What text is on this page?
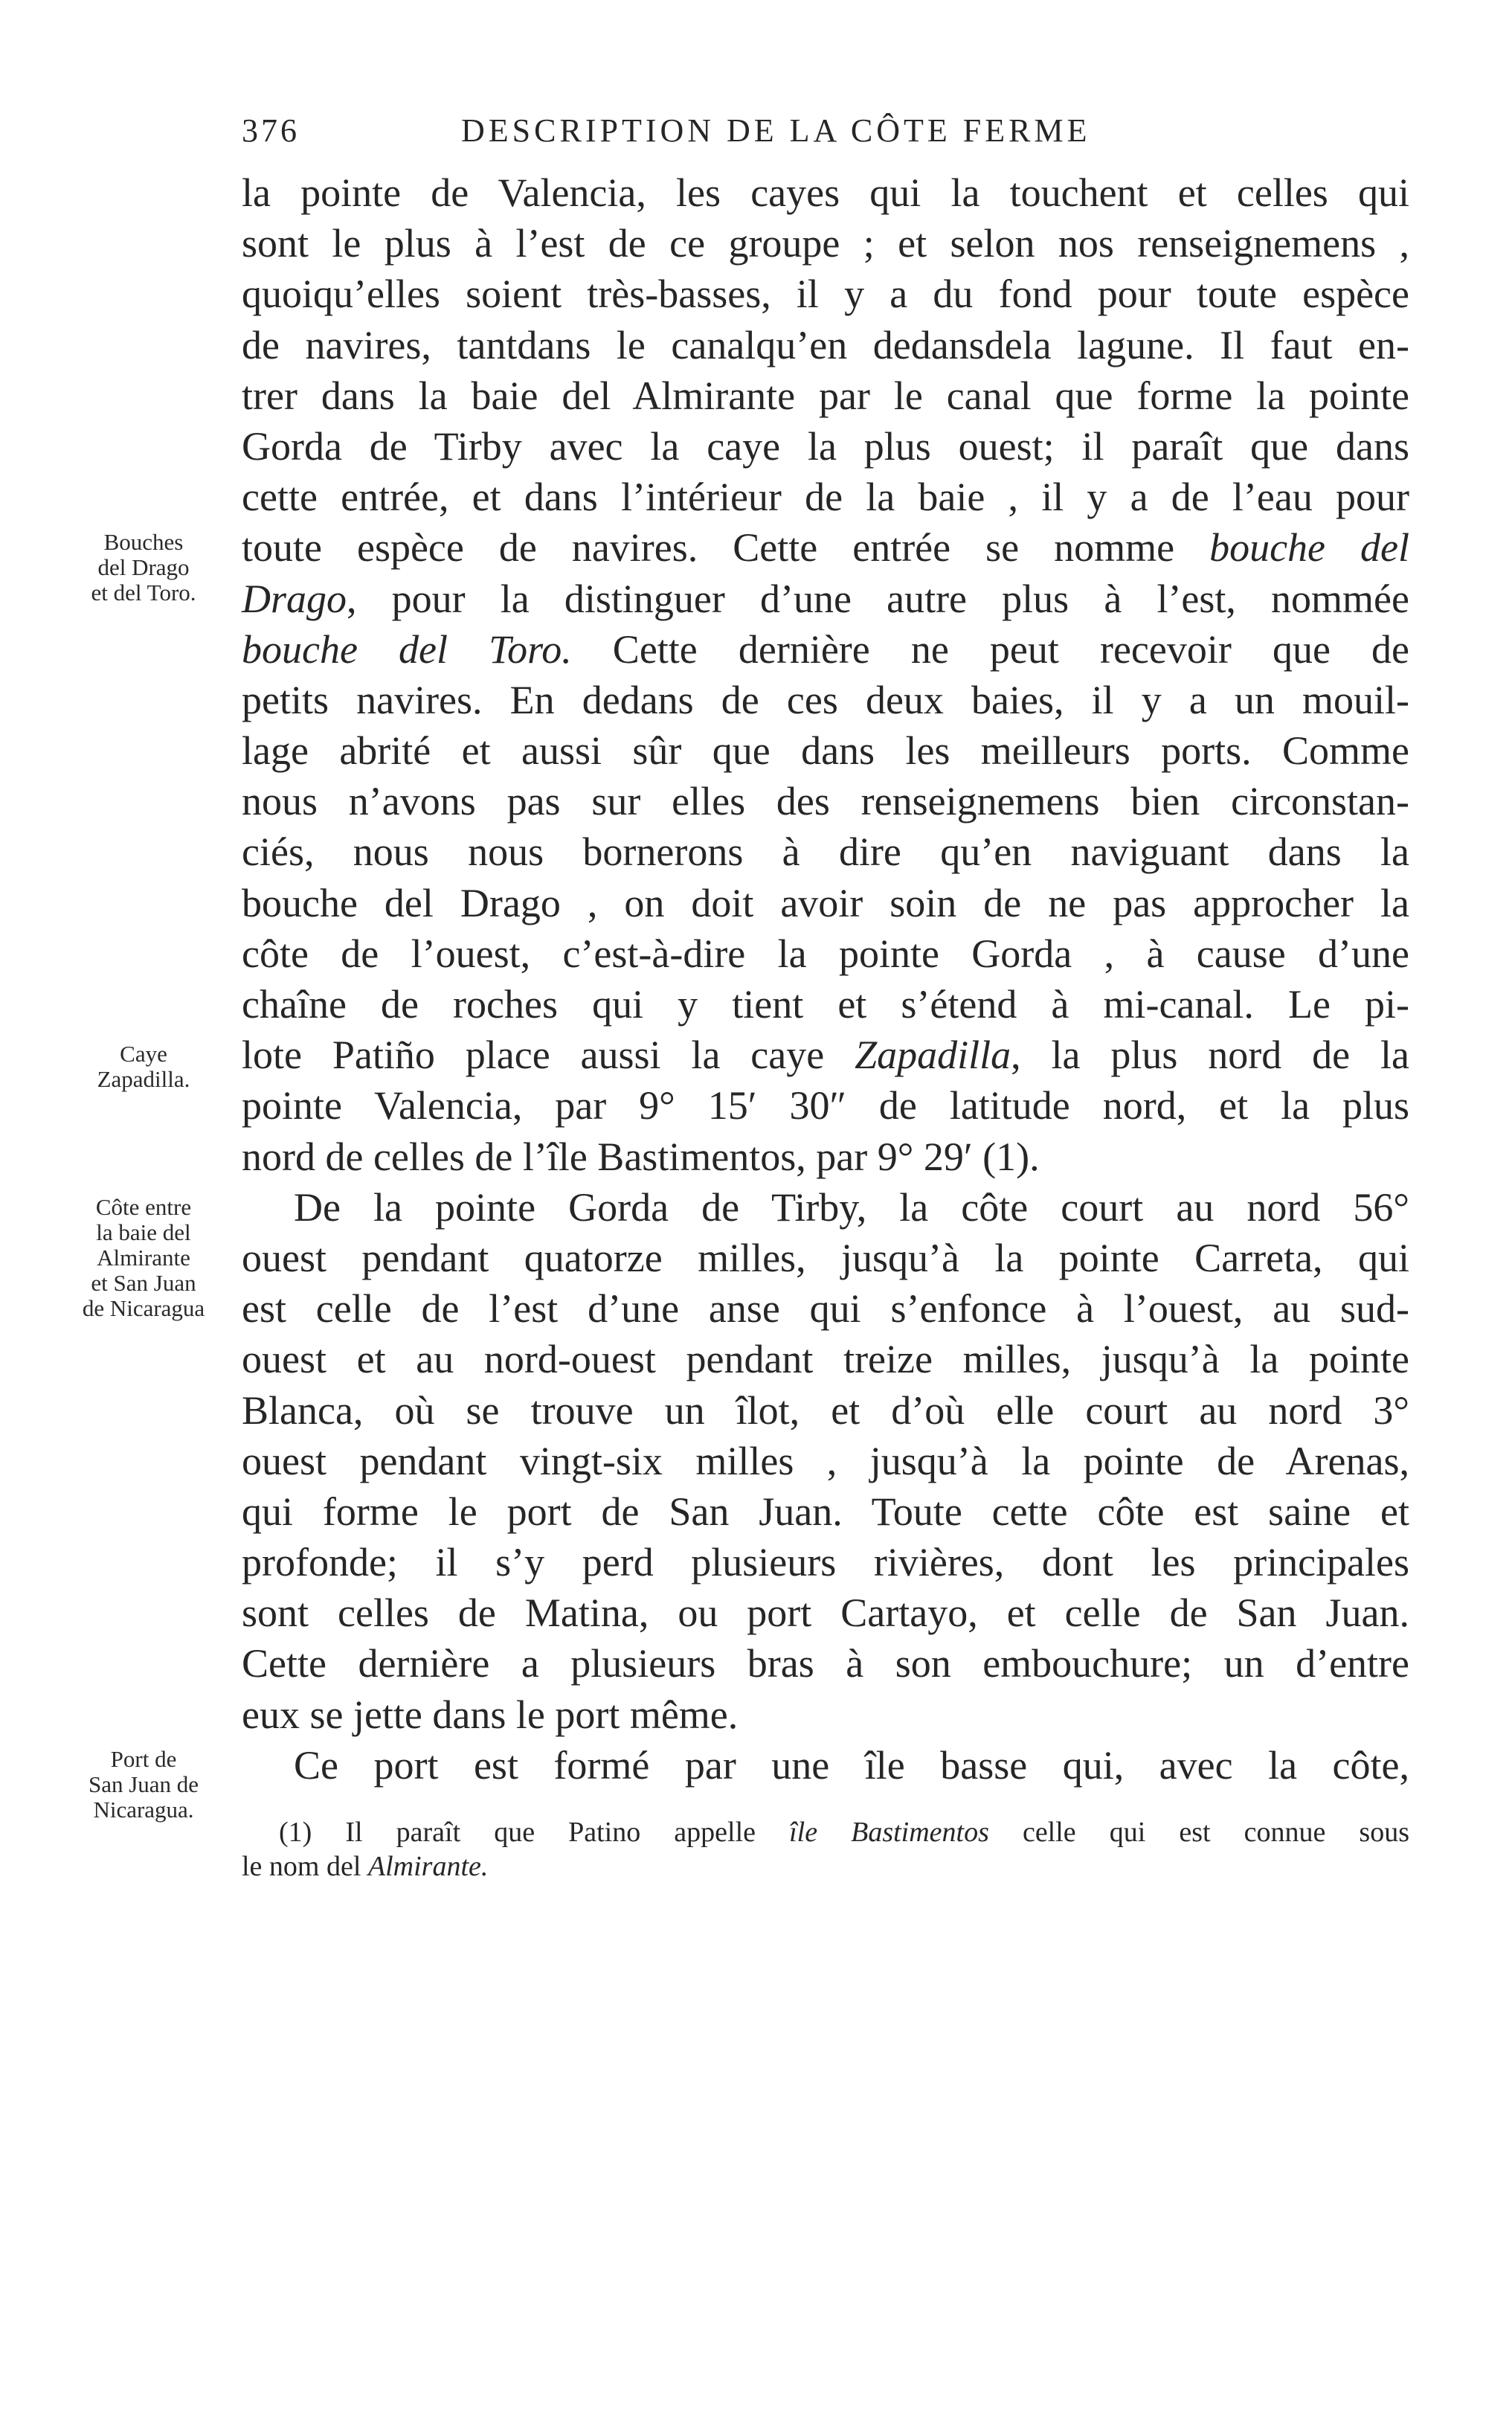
376	DESCRIPTION DE LA CÔTE FERME
la pointe de Valencia, les cayes qui la touchent et celles qui
sont le plus à l’est de ce groupe ; et selon nos renseignemens ,
quoiqu’elles soient très-basses, il y a du fond pour toute espèce
de navires, tantdans le canalqu’en dedansdela lagune. Il faut en-
trer dans la baie del Almirante par le canal que forme la pointe
Gorda de Tirby avec la caye la plus ouest; il paraît que dans
cette entrée, et dans l’intérieur de la baie , il y a de l’eau pour
toute espèce de navires. Cette entrée se nomme bouche del
Drago, pour la distinguer d’une autre plus à l’est, nommée
bouche del Toro. Cette dernière ne peut recevoir que de
petits navires. En dedans de ces deux baies, il y a un mouil-
lage abrité et aussi sûr que dans les meilleurs ports. Comme
nous n’avons pas sur elles des renseignemens bien circonstan-
ciés, nous nous bornerons à dire qu’en naviguant dans la
bouche del Drago , on doit avoir soin de ne pas approcher la
côte de l’ouest, c’est-à-dire la pointe Gorda , à cause d’une
chaîne de roches qui y tient et s’étend à mi-canal. Le pi-
lote Patiño place aussi la caye Zapadilla, la plus nord de la
pointe Valencia, par 9° 15′ 30″ de latitude nord, et la plus
nord de celles de l’île Bastimentos, par 9° 29′ (1).
De la pointe Gorda de Tirby, la côte court au nord 56°
ouest pendant quatorze milles, jusqu’à la pointe Carreta, qui
est celle de l’est d’une anse qui s’enfonce à l’ouest, au sud-
ouest et au nord-ouest pendant treize milles, jusqu’à la pointe
Blanca, où se trouve un îlot, et d’où elle court au nord 3°
ouest pendant vingt-six milles , jusqu’à la pointe de Arenas,
qui forme le port de San Juan. Toute cette côte est saine et
profonde; il s’y perd plusieurs rivières, dont les principales
sont celles de Matina, ou port Cartayo, et celle de San Juan.
Cette dernière a plusieurs bras à son embouchure; un d’entre
eux se jette dans le port même.
Ce port est formé par une île basse qui, avec la côte,
Bouches
del Drago
et del Toro.
Caye
Zapadilla.
Côte entre
la baie del
Almirante
et San Juan
de Nicaragua
Port de
San Juan de
Nicaragua.
(1) Il paraît que Patino appelle île Bastimentos celle qui est connue sous
le nom del Almirante.
